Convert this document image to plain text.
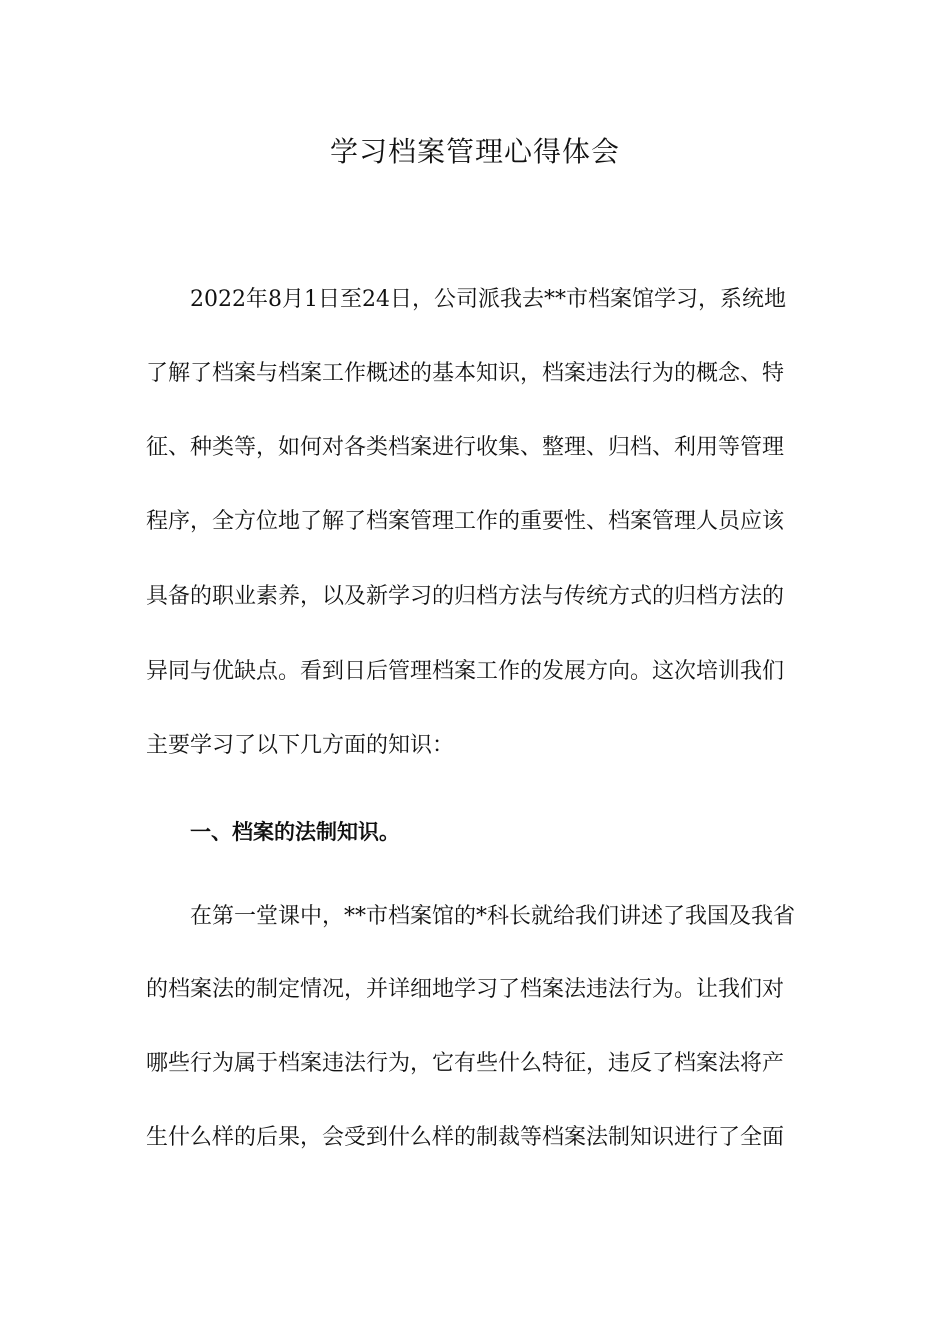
学习档案管理心得体会

2022年8月1日至24日，公司派我去**市档案馆学习，系统地

了解了档案与档案工作概述的基本知识，档案违法行为的概念、特

征、种类等，如何对各类档案进行收集、整理、归档、利用等管理

程序，全方位地了解了档案管理工作的重要性、档案管理人员应该

具备的职业素养，以及新学习的归档方法与传统方式的归档方法的

异同与优缺点。看到日后管理档案工作的发展方向。这次培训我们

主要学习了以下几方面的知识：

一、档案的法制知识。

在第一堂课中，**市档案馆的*科长就给我们讲述了我国及我省

的档案法的制定情况，并详细地学习了档案法违法行为。让我们对

哪些行为属于档案违法行为，它有些什么特征，违反了档案法将产

生什么样的后果，会受到什么样的制裁等档案法制知识进行了全面
